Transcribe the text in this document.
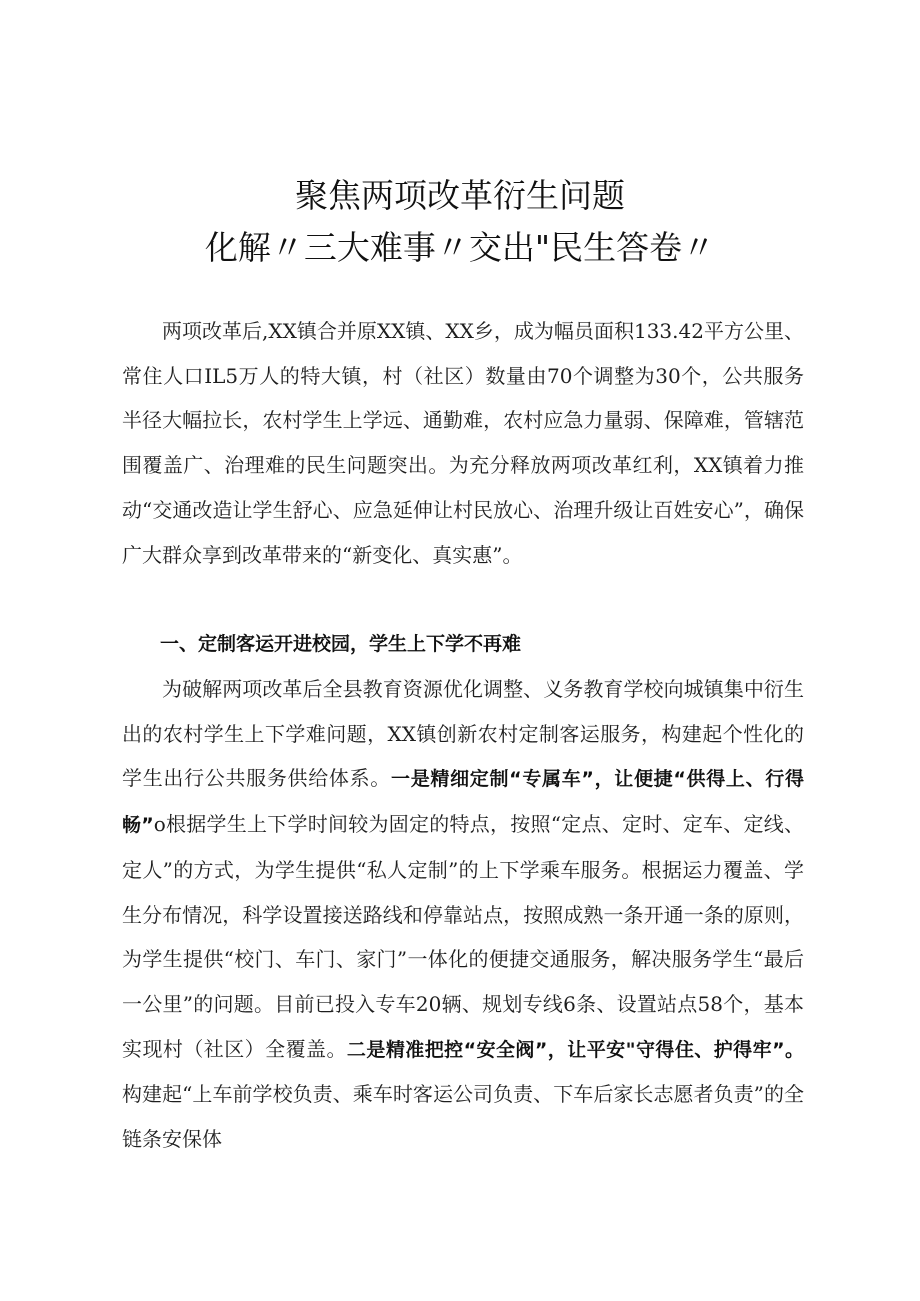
聚焦两项改革衍生问题
化解〃三大难事〃交出"民生答卷〃

两项改革后,XX镇合并原XX镇、XX乡，成为幅员面积133.42平方公里、常住人口IL5万人的特大镇，村（社区）数量由70个调整为30个，公共服务半径大幅拉长，农村学生上学远、通勤难，农村应急力量弱、保障难，管辖范围覆盖广、治理难的民生问题突出。为充分释放两项改革红利，XX镇着力推动“交通改造让学生舒心、应急延伸让村民放心、治理升级让百姓安心”，确保广大群众享到改革带来的“新变化、真实惠”。

一、定制客运开进校园，学生上下学不再难

为破解两项改革后全县教育资源优化调整、义务教育学校向城镇集中衍生出的农村学生上下学难问题，XX镇创新农村定制客运服务，构建起个性化的学生出行公共服务供给体系。一是精细定制“专属车”，让便捷“供得上、行得畅”o根据学生上下学时间较为固定的特点，按照“定点、定时、定车、定线、定人”的方式，为学生提供“私人定制”的上下学乘车服务。根据运力覆盖、学生分布情况，科学设置接送路线和停靠站点，按照成熟一条开通一条的原则，为学生提供“校门、车门、家门”一体化的便捷交通服务，解决服务学生“最后一公里”的问题。目前已投入专车20辆、规划专线6条、设置站点58个，基本实现村（社区）全覆盖。二是精准把控“安全阀”，让平安"守得住、护得牢”。构建起“上车前学校负责、乘车时客运公司负责、下车后家长志愿者负责”的全链条安保体
